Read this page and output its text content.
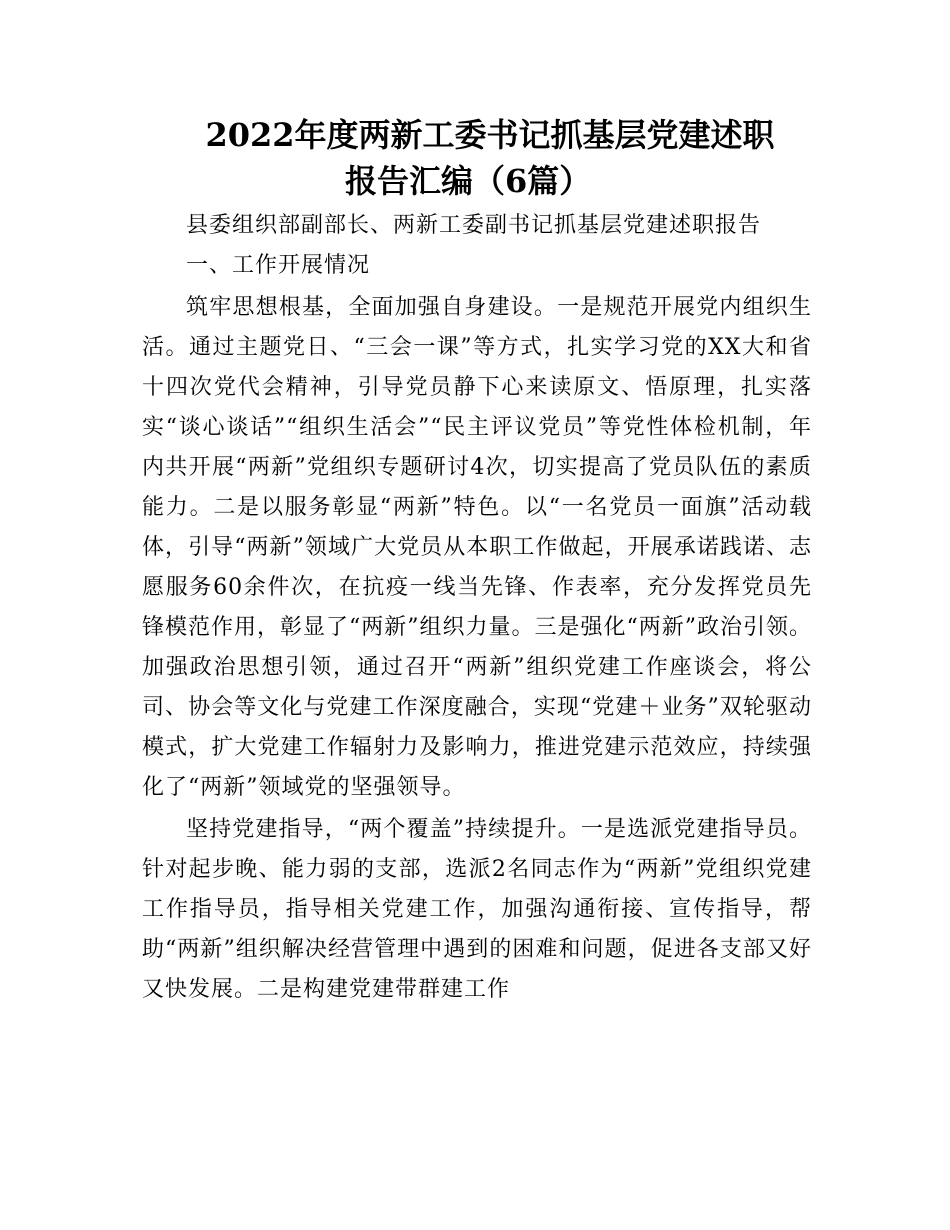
2022年度两新工委书记抓基层党建述职
报告汇编（6篇）

县委组织部副部长、两新工委副书记抓基层党建述职报告

一、工作开展情况

筑牢思想根基，全面加强自身建设。一是规范开展党内组织生活。通过主题党日、“三会一课”等方式，扎实学习党的XX大和省十四次党代会精神，引导党员静下心来读原文、悟原理，扎实落实“谈心谈话”“组织生活会”“民主评议党员”等党性体检机制，年内共开展“两新”党组织专题研讨4次，切实提高了党员队伍的素质能力。二是以服务彰显“两新”特色。以“一名党员一面旗”活动载体，引导“两新”领域广大党员从本职工作做起，开展承诺践诺、志愿服务60余件次，在抗疫一线当先锋、作表率，充分发挥党员先锋模范作用，彰显了“两新”组织力量。三是强化“两新”政治引领。加强政治思想引领，通过召开“两新”组织党建工作座谈会，将公司、协会等文化与党建工作深度融合，实现“党建＋业务”双轮驱动模式，扩大党建工作辐射力及影响力，推进党建示范效应，持续强化了“两新”领域党的坚强领导。

坚持党建指导，“两个覆盖”持续提升。一是选派党建指导员。针对起步晚、能力弱的支部，选派2名同志作为“两新”党组织党建工作指导员，指导相关党建工作，加强沟通衔接、宣传指导，帮助“两新”组织解决经营管理中遇到的困难和问题，促进各支部又好又快发展。二是构建党建带群建工作
